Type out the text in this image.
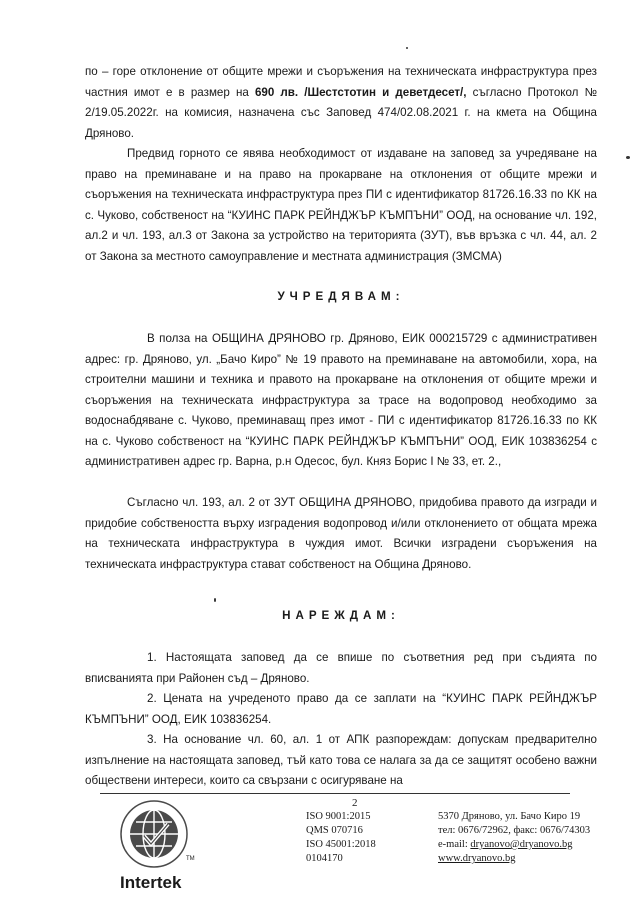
по – горе отклонение от общите мрежи и съоръжения на техническата инфраструктура през частния имот е в размер на 690 лв. /Шестстотин и деветдесет/, съгласно Протокол № 2/19.05.2022г. на комисия, назначена със Заповед 474/02.08.2021 г. на кмета на Община Дряново.

Предвид горното се явява необходимост от издаване на заповед за учредяване на право на преминаване и на право на прокарване на отклонения от общите мрежи и съоръжения на техническата инфраструктура през ПИ с идентификатор 81726.16.33 по КК на с. Чуково, собственост на “КУИНС ПАРК РЕЙНДЖЪР КЪМПЪНИ” ООД, на основание чл. 192, ал.2 и чл. 193, ал.3 от Закона за устройство на територията (ЗУТ), във връзка с чл. 44, ал. 2 от Закона за местното самоуправление и местната администрация (ЗМСМА)

УЧРЕДЯВАМ:

В полза на ОБЩИНА ДРЯНОВО гр. Дряново, ЕИК 000215729 с административен адрес: гр. Дряново, ул. „Бачо Киро” № 19 правото на преминаване на автомобили, хора, на строителни машини и техника и правото на прокарване на отклонения от общите мрежи и съоръжения на техническата инфраструктура за трасе на водопровод необходимо за водоснабдяване с. Чуково, преминаващ през имот - ПИ с идентификатор 81726.16.33 по КК на с. Чуково собственост на “КУИНС ПАРК РЕЙНДЖЪР КЪМПЪНИ” ООД, ЕИК 103836254 с административен адрес гр. Варна, р.н Одесос, бул. Княз Борис I № 33, ет. 2.,

Съгласно чл. 193, ал. 2 от ЗУТ ОБЩИНА ДРЯНОВО, придобива правото да изгради и придобие собствеността върху изградения водопровод и/или отклонението от общата мрежа на техническата инфраструктура в чуждия имот. Всички изградени съоръжения на техническата инфраструктура стават собственост на Община Дряново.

НАРЕЖДАМ:

1. Настоящата заповед да се впише по съответния ред при съдията по вписванията при Районен съд – Дряново.

2. Цената на учреденото право да се заплати на “КУИНС ПАРК РЕЙНДЖЪР КЪМПЪНИ” ООД, ЕИК 103836254.

3. На основание чл. 60, ал. 1 от АПК разпореждам: допускам предварително изпълнение на настоящата заповед, тъй като това се налага за да се защитят особено важни обществени интереси, които са свързани с осигуряване на

2
TM
Intertek
ISO 9001:2015
QMS 070716
ISO 45001:2018
0104170
5370 Дряново, ул. Бачо Киро 19
тел: 0676/72962, факс: 0676/74303
e-mail: dryanovo@dryanovo.bg
www.dryanovo.bg
